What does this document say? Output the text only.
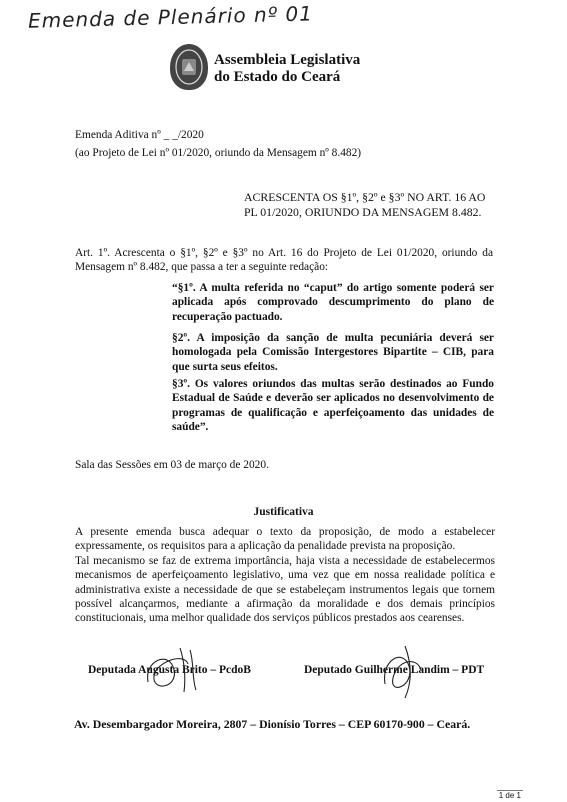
Emenda de Plenário nº 01
Assembleia Legislativa
do Estado do Ceará
Emenda Aditiva nº _ _/2020
(ao Projeto de Lei nº 01/2020, oriundo da Mensagem nº 8.482)
ACRESCENTA OS §1º, §2º e §3º NO ART. 16 AO
PL 01/2020, ORIUNDO DA MENSAGEM 8.482.
Art. 1º. Acrescenta o §1º, §2º e §3º no Art. 16 do Projeto de Lei 01/2020, oriundo da Mensagem nº 8.482, que passa a ter a seguinte redação:
“§1º. A multa referida no “caput” do artigo somente poderá ser aplicada após comprovado descumprimento do plano de recuperação pactuado.
§2º. A imposição da sanção de multa pecuniária deverá ser homologada pela Comissão Intergestores Bipartite – CIB, para que surta seus efeitos.
§3º. Os valores oriundos das multas serão destinados ao Fundo Estadual de Saúde e deverão ser aplicados no desenvolvimento de programas de qualificação e aperfeiçoamento das unidades de saúde”.
Sala das Sessões em 03 de março de 2020.
Justificativa
A presente emenda busca adequar o texto da proposição, de modo a estabelecer expressamente, os requisitos para a aplicação da penalidade prevista na proposição.
Tal mecanismo se faz de extrema importância, haja vista a necessidade de estabelecermos mecanismos de aperfeiçoamento legislativo, uma vez que em nossa realidade política e administrativa existe a necessidade de que se estabeleçam instrumentos legais que tornem possível alcançarmos, mediante a afirmação da moralidade e dos demais princípios constitucionais, uma melhor qualidade dos serviços públicos prestados aos cearenses.
Deputada Augusta Brito – PcdoB	Deputado Guilherme Landim – PDT
Av. Desembargador Moreira, 2807 – Dionísio Torres – CEP 60170-900 – Ceará.
1 de 1
